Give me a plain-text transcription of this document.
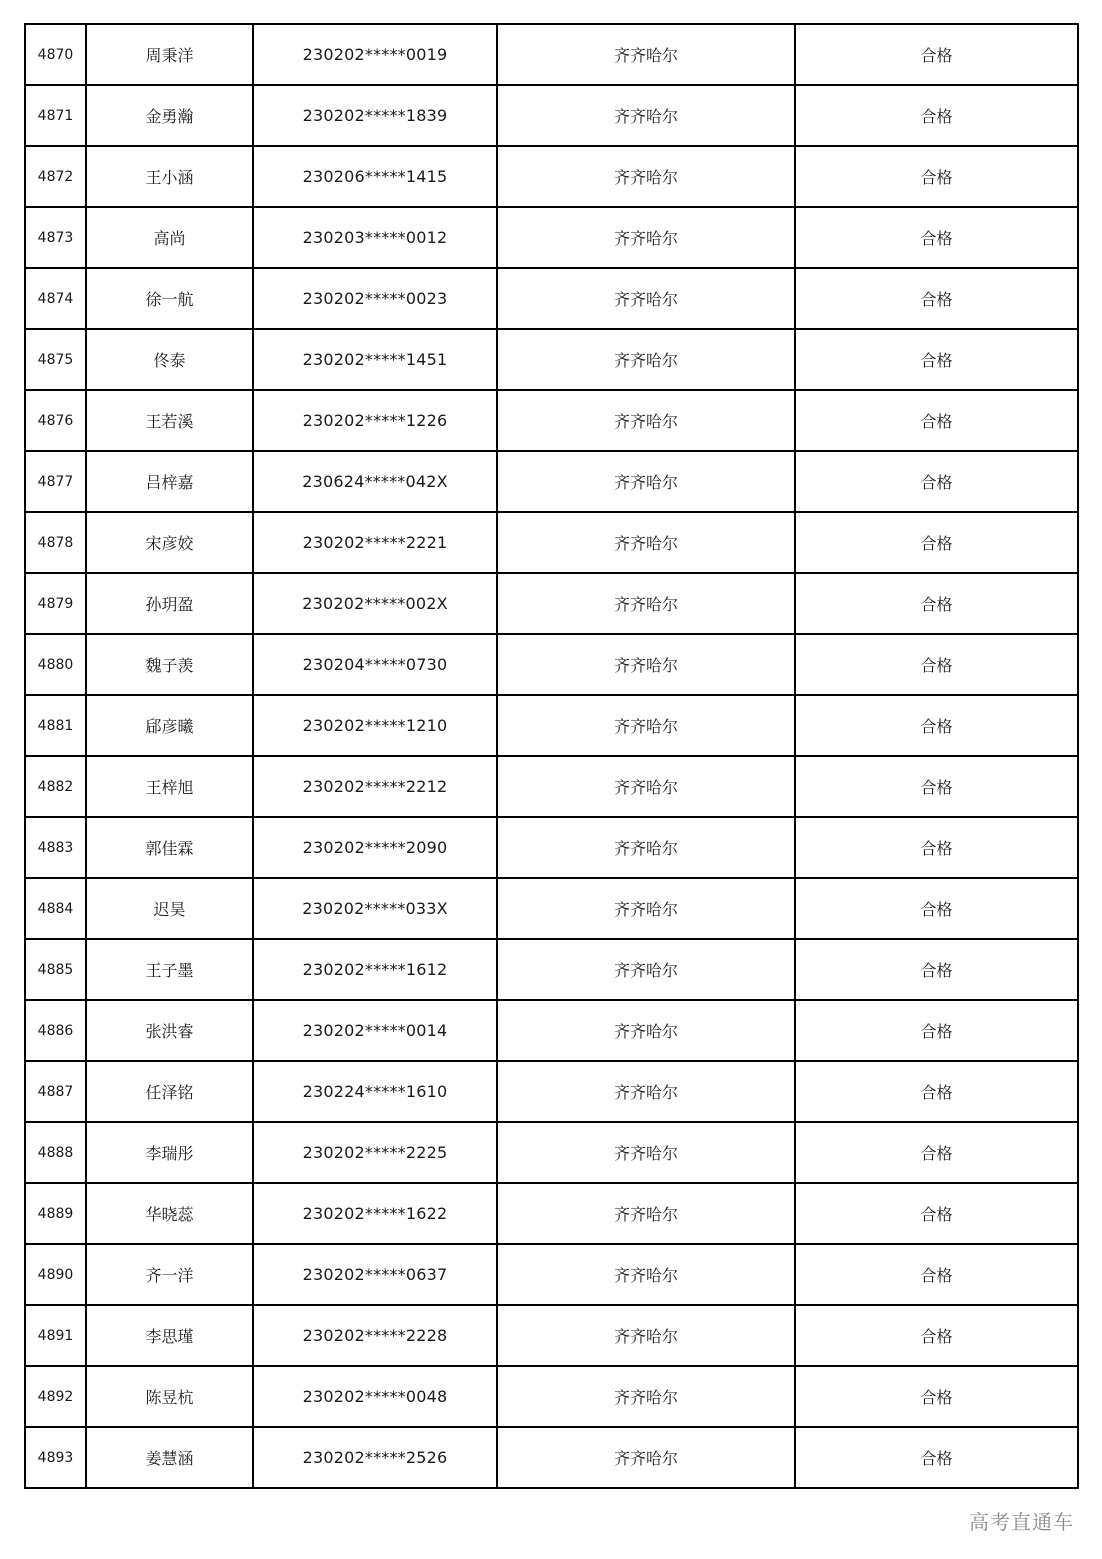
4870	周秉洋	230202*****0019	齐齐哈尔	合格
4871	金勇瀚	230202*****1839	齐齐哈尔	合格
4872	王小涵	230206*****1415	齐齐哈尔	合格
4873	高尚	230203*****0012	齐齐哈尔	合格
4874	徐一航	230202*****0023	齐齐哈尔	合格
4875	佟泰	230202*****1451	齐齐哈尔	合格
4876	王若溪	230202*****1226	齐齐哈尔	合格
4877	吕梓嘉	230624*****042X	齐齐哈尔	合格
4878	宋彦姣	230202*****2221	齐齐哈尔	合格
4879	孙玥盈	230202*****002X	齐齐哈尔	合格
4880	魏子羡	230204*****0730	齐齐哈尔	合格
4881	郈彦曦	230202*****1210	齐齐哈尔	合格
4882	王梓旭	230202*****2212	齐齐哈尔	合格
4883	郭佳霖	230202*****2090	齐齐哈尔	合格
4884	迟昊	230202*****033X	齐齐哈尔	合格
4885	王子墨	230202*****1612	齐齐哈尔	合格
4886	张洪睿	230202*****0014	齐齐哈尔	合格
4887	任泽铭	230224*****1610	齐齐哈尔	合格
4888	李瑞彤	230202*****2225	齐齐哈尔	合格
4889	华晓蕊	230202*****1622	齐齐哈尔	合格
4890	齐一洋	230202*****0637	齐齐哈尔	合格
4891	李思瑾	230202*****2228	齐齐哈尔	合格
4892	陈昱杭	230202*****0048	齐齐哈尔	合格
4893	姜慧涵	230202*****2526	齐齐哈尔	合格
高考直通车
